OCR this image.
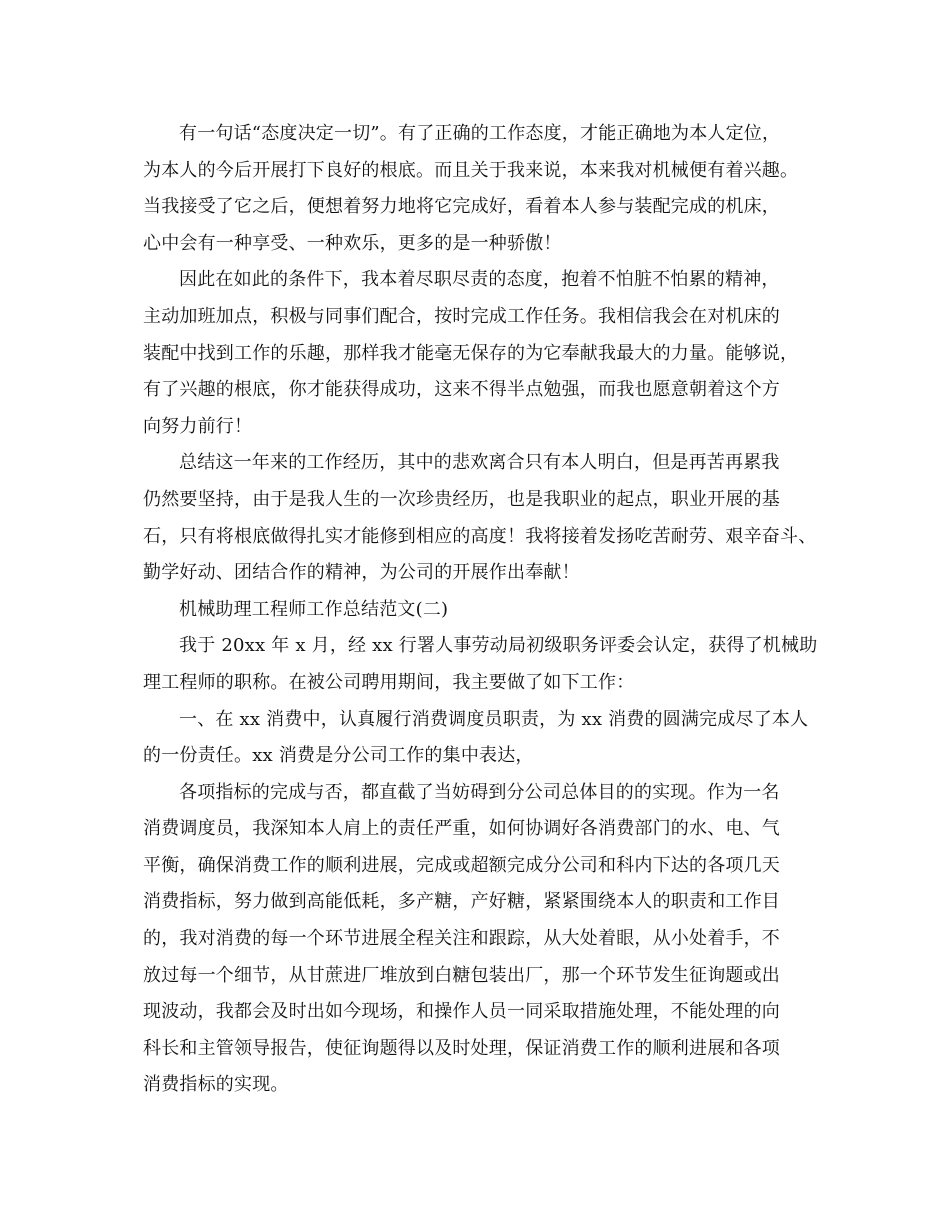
有一句话“态度决定一切”。有了正确的工作态度，才能正确地为本人定位，
为本人的今后开展打下良好的根底。而且关于我来说，本来我对机械便有着兴趣。
当我接受了它之后，便想着努力地将它完成好，看着本人参与装配完成的机床，
心中会有一种享受、一种欢乐，更多的是一种骄傲！
因此在如此的条件下，我本着尽职尽责的态度，抱着不怕脏不怕累的精神，
主动加班加点，积极与同事们配合，按时完成工作任务。我相信我会在对机床的
装配中找到工作的乐趣，那样我才能毫无保存的为它奉献我最大的力量。能够说，
有了兴趣的根底，你才能获得成功，这来不得半点勉强，而我也愿意朝着这个方
向努力前行！
总结这一年来的工作经历，其中的悲欢离合只有本人明白，但是再苦再累我
仍然要坚持，由于是我人生的一次珍贵经历，也是我职业的起点，职业开展的基
石，只有将根底做得扎实才能修到相应的高度！我将接着发扬吃苦耐劳、艰辛奋斗、
勤学好动、团结合作的精神，为公司的开展作出奉献！
机械助理工程师工作总结范文(二)
我于 20xx 年 x 月，经 xx 行署人事劳动局初级职务评委会认定，获得了机械助
理工程师的职称。在被公司聘用期间，我主要做了如下工作：
一、在 xx 消费中，认真履行消费调度员职责，为 xx 消费的圆满完成尽了本人
的一份责任。xx 消费是分公司工作的集中表达，
各项指标的完成与否，都直截了当妨碍到分公司总体目的的实现。作为一名
消费调度员，我深知本人肩上的责任严重，如何协调好各消费部门的水、电、气
平衡，确保消费工作的顺利进展，完成或超额完成分公司和科内下达的各项几天
消费指标，努力做到高能低耗，多产糖，产好糖，紧紧围绕本人的职责和工作目
的，我对消费的每一个环节进展全程关注和跟踪，从大处着眼，从小处着手，不
放过每一个细节，从甘蔗进厂堆放到白糖包装出厂，那一个环节发生征询题或出
现波动，我都会及时出如今现场，和操作人员一同采取措施处理，不能处理的向
科长和主管领导报告，使征询题得以及时处理，保证消费工作的顺利进展和各项
消费指标的实现。
